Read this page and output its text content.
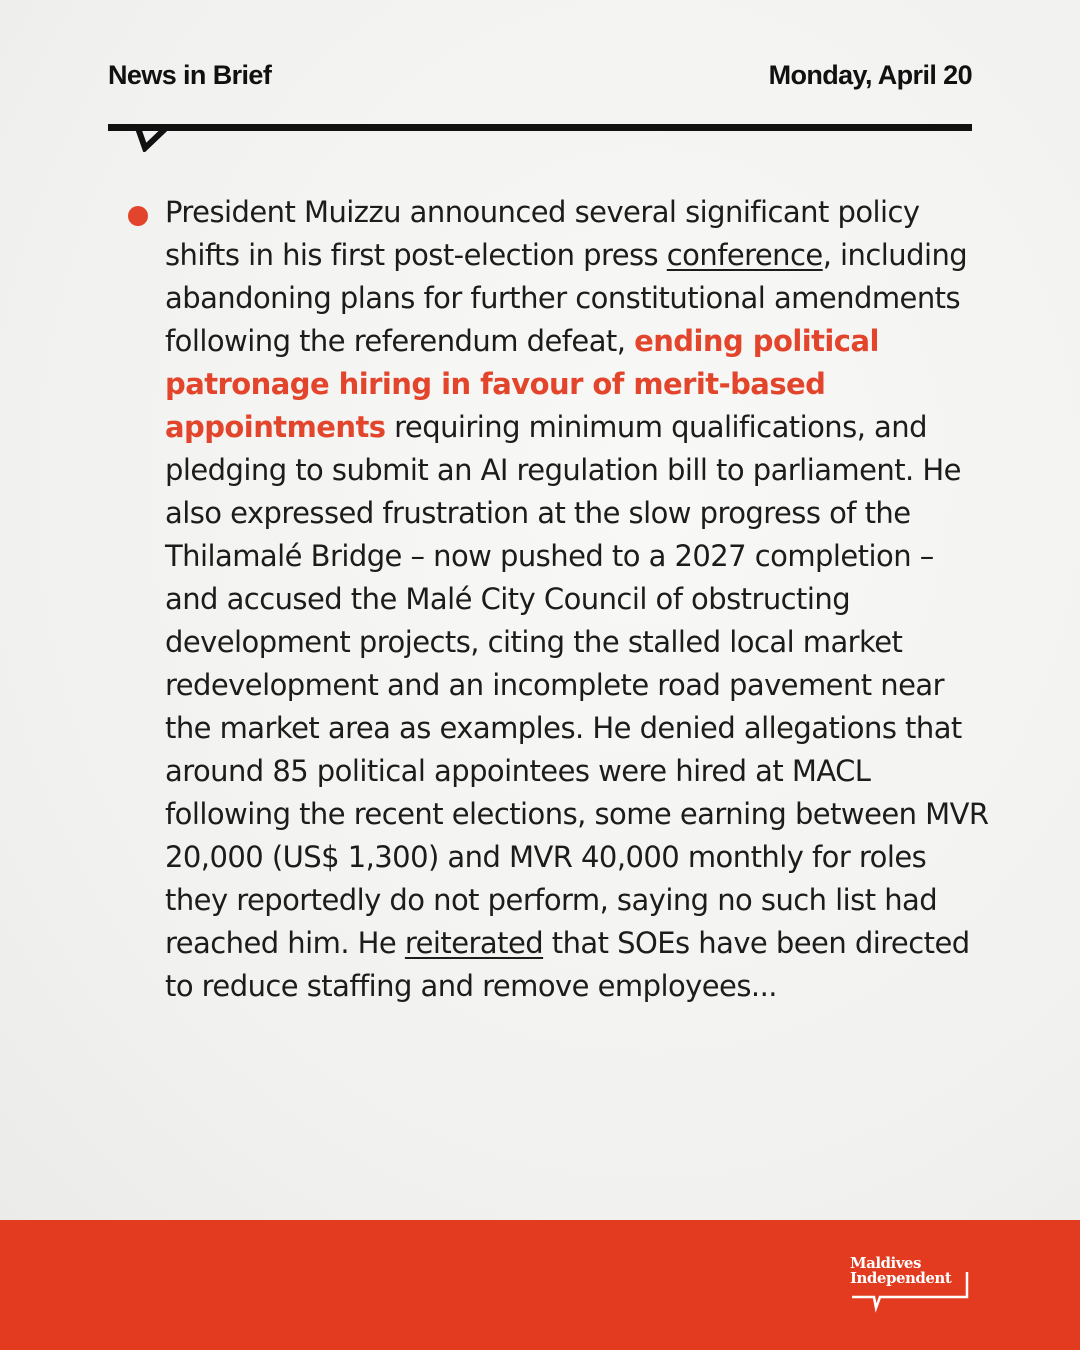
News in Brief	Monday, April 20

President Muizzu announced several significant policy shifts in his first post-election press conference, including abandoning plans for further constitutional amendments following the referendum defeat, ending political patronage hiring in favour of merit-based appointments requiring minimum qualifications, and pledging to submit an AI regulation bill to parliament. He also expressed frustration at the slow progress of the Thilamalé Bridge – now pushed to a 2027 completion – and accused the Malé City Council of obstructing development projects, citing the stalled local market redevelopment and an incomplete road pavement near the market area as examples. He denied allegations that around 85 political appointees were hired at MACL following the recent elections, some earning between MVR 20,000 (US$ 1,300) and MVR 40,000 monthly for roles they reportedly do not perform, saying no such list had reached him. He reiterated that SOEs have been directed to reduce staffing and remove employees...

Maldives
Independent
